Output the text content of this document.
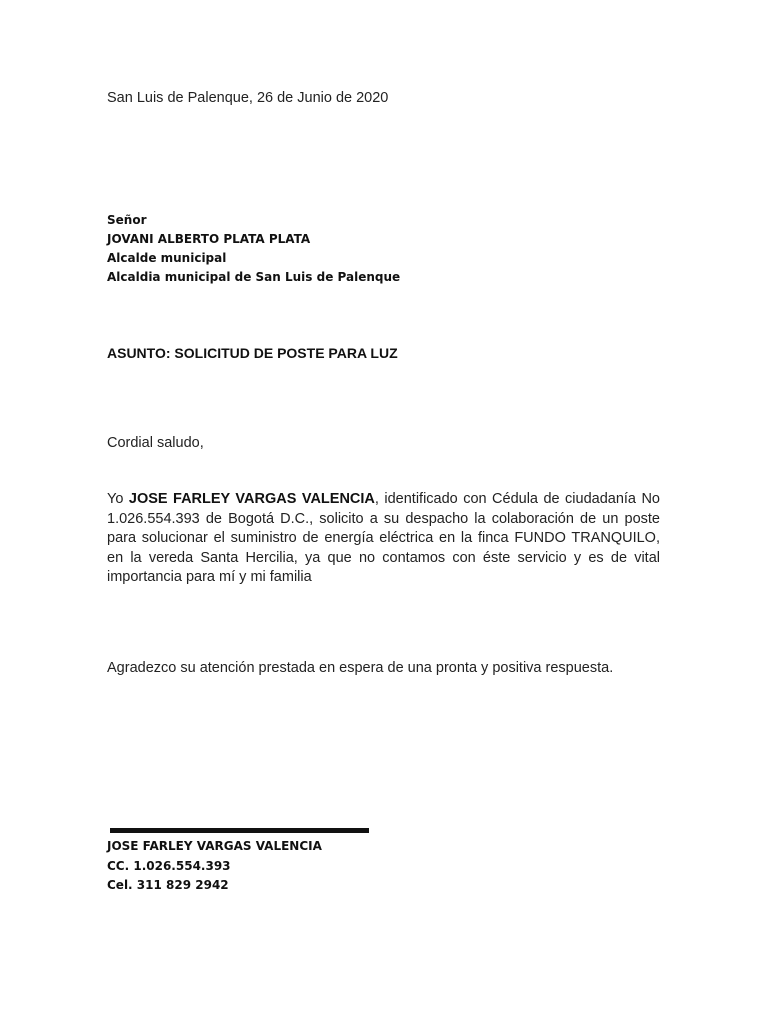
San Luis de Palenque, 26 de Junio de 2020
Señor
JOVANI ALBERTO PLATA PLATA
Alcalde municipal
Alcaldia municipal de San Luis de Palenque
ASUNTO: SOLICITUD DE POSTE PARA LUZ
Cordial saludo,
Yo JOSE FARLEY VARGAS VALENCIA, identificado con Cédula de ciudadanía No 1.026.554.393 de Bogotá D.C., solicito a su despacho la colaboración de un poste para solucionar el suministro de energía eléctrica en la finca FUNDO TRANQUILO, en la vereda Santa Hercilia, ya que no contamos con éste servicio y es de vital importancia para mí y mi familia
Agradezco su atención prestada en espera de una pronta y positiva respuesta.
JOSE FARLEY VARGAS VALENCIA
CC. 1.026.554.393
Cel. 311 829 2942
